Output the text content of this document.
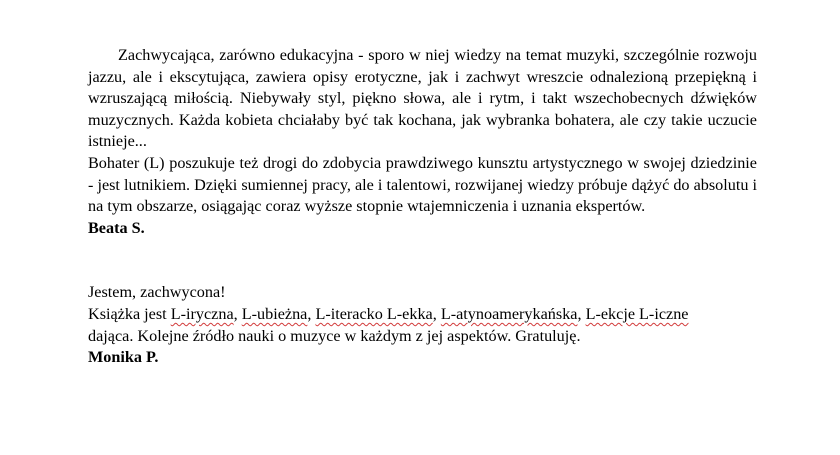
Zachwycająca, zarówno edukacyjna - sporo w niej wiedzy na temat muzyki, szczególnie rozwoju jazzu, ale i ekscytująca, zawiera opisy erotyczne, jak i zachwyt wreszcie odnalezioną przepiękną i wzruszającą miłością. Niebywały styl, piękno słowa, ale i rytm, i takt wszechobecnych dźwięków muzycznych. Każda kobieta chciałaby być tak kochana, jak wybranka bohatera, ale czy takie uczucie istnieje...

Bohater (L) poszukuje też drogi do zdobycia prawdziwego kunsztu artystycznego w swojej dziedzinie - jest lutnikiem. Dzięki sumiennej pracy, ale i talentowi, rozwijanej wiedzy próbuje dążyć do absolutu i na tym obszarze, osiągając coraz wyższe stopnie wtajemniczenia i uznania ekspertów.

Beata S.

Jestem, zachwycona!

Książka jest L-iryczna, L-ubieżna, L-iteracko L-ekka, L-atynoamerykańska, L-ekcje L-iczne
dająca. Kolejne źródło nauki o muzyce w każdym z jej aspektów. Gratuluję.

Monika P.
